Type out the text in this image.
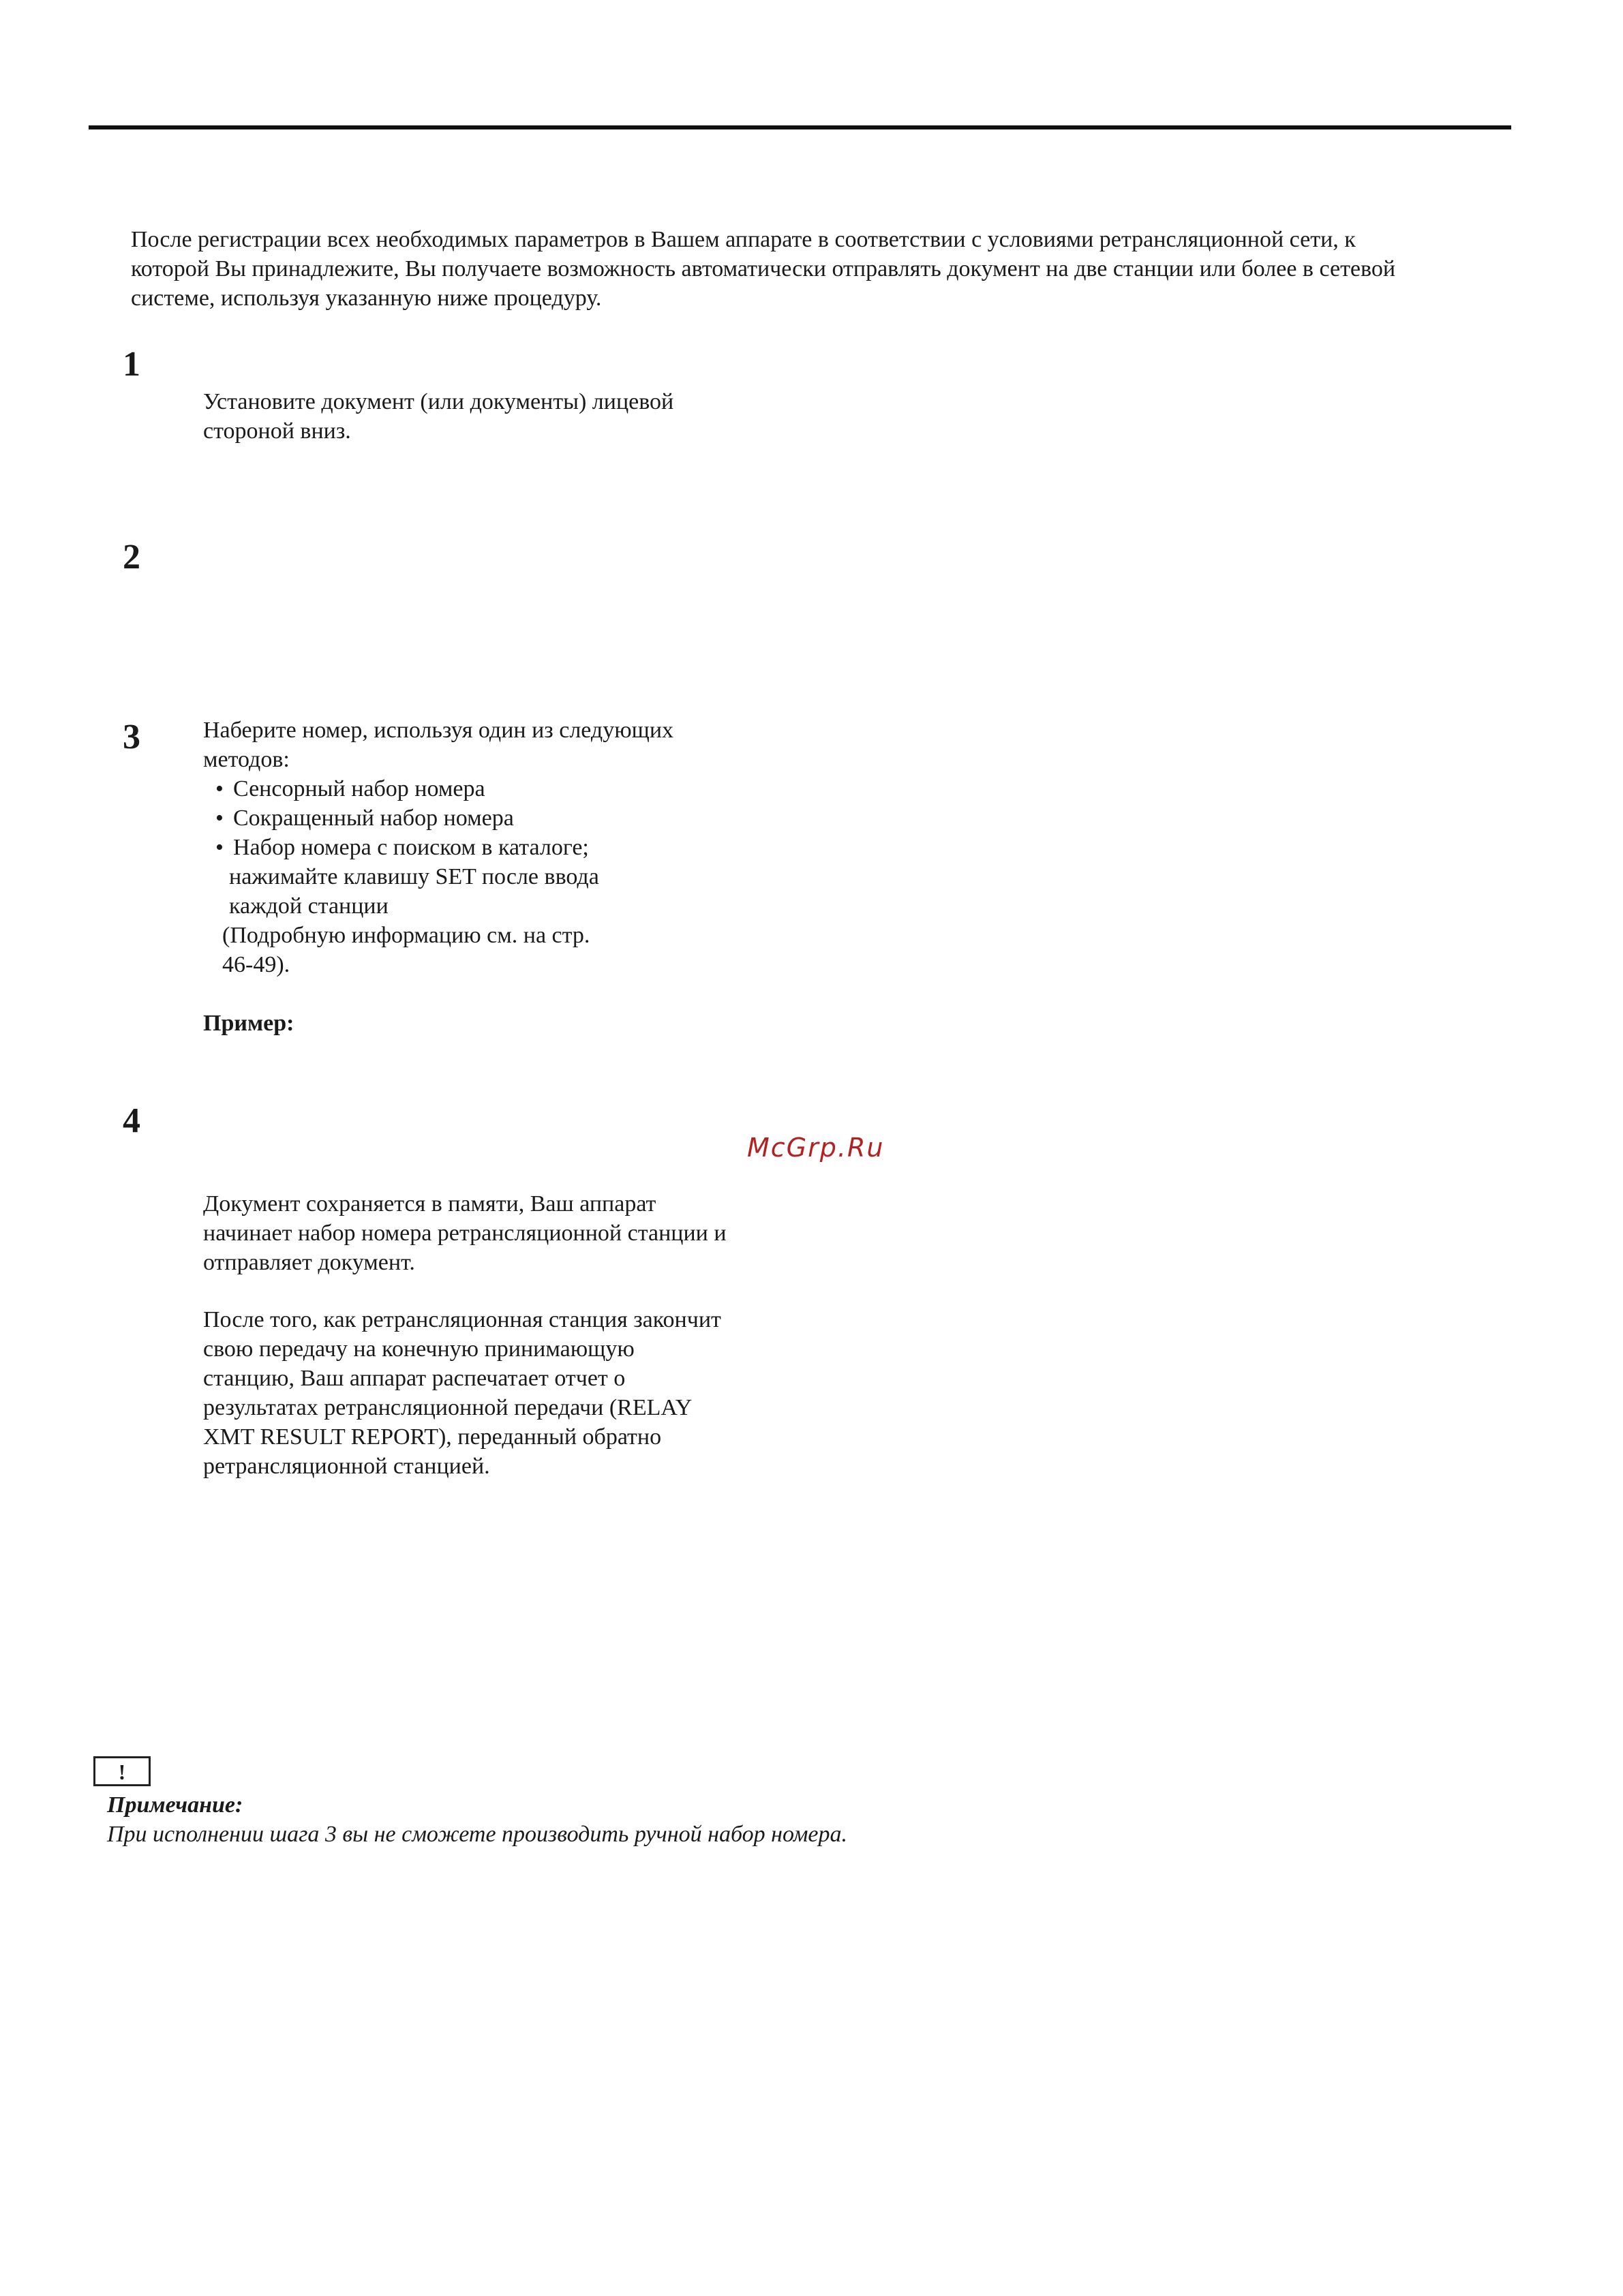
После регистрации всех необходимых параметров в Вашем аппарате в соответствии с условиями ретрансляционной сети, к
которой Вы принадлежите, Вы получаете возможность автоматически отправлять документ на две станции или более в сетевой
системе, используя указанную ниже процедуру.

1

Установите документ (или документы) лицевой
стороной вниз.

2
3	Наберите номер, используя один из следующих
методов:
• Сенсорный набор номера
• Сокращенный набор номера
• Набор номера с поиском в каталоге;
нажимайте клавишу SET после ввода
каждой станции
(Подробную информацию см. на стр.
46-49).

Пример:

4

McGrp.Ru

Документ сохраняется в памяти, Ваш аппарат
начинает набор номера ретрансляционной станции и
отправляет документ.

После того, как ретрансляционная станция закончит
свою передачу на конечную принимающую
станцию, Ваш аппарат распечатает отчет о
результатах ретрансляционной передачи (RELAY
XMT RESULT REPORT), переданный обратно
ретрансляционной станцией.

!

Примечание:

При исполнении шага 3 вы не сможете производить ручной набор номера.
